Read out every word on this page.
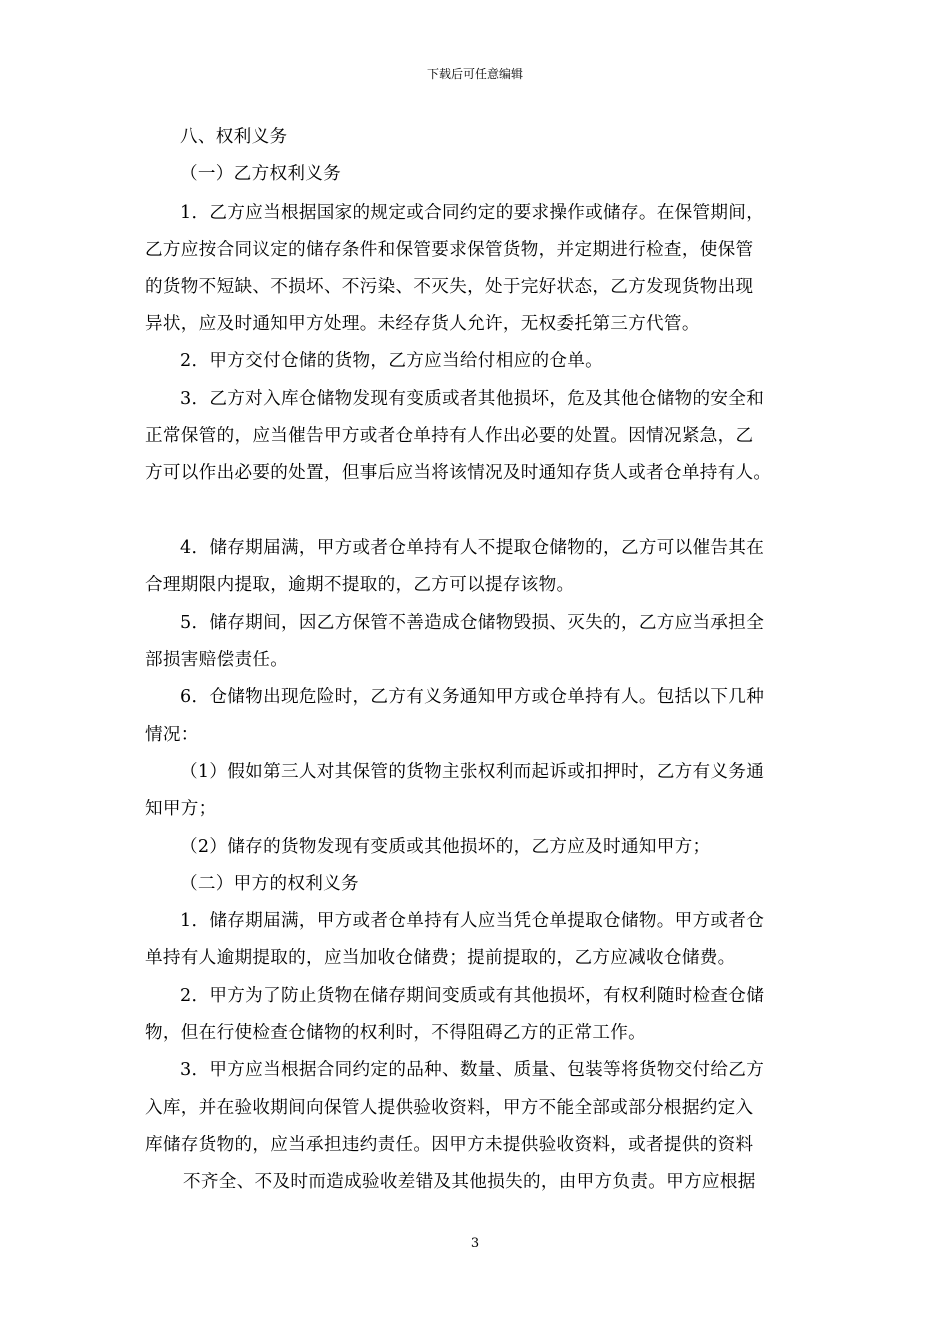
下载后可任意编辑
八、权利义务
（一）乙方权利义务
1．乙方应当根据国家的规定或合同约定的要求操作或储存。在保管期间，
乙方应按合同议定的储存条件和保管要求保管货物，并定期进行检查，使保管
的货物不短缺、不损坏、不污染、不灭失，处于完好状态，乙方发现货物出现
异状，应及时通知甲方处理。未经存货人允许，无权委托第三方代管。
2．甲方交付仓储的货物，乙方应当给付相应的仓单。
3．乙方对入库仓储物发现有变质或者其他损坏，危及其他仓储物的安全和
正常保管的，应当催告甲方或者仓单持有人作出必要的处置。因情况紧急，乙
方可以作出必要的处置，但事后应当将该情况及时通知存货人或者仓单持有人。
4．储存期届满，甲方或者仓单持有人不提取仓储物的，乙方可以催告其在
合理期限内提取，逾期不提取的，乙方可以提存该物。
5．储存期间，因乙方保管不善造成仓储物毁损、灭失的，乙方应当承担全
部损害赔偿责任。
6．仓储物出现危险时，乙方有义务通知甲方或仓单持有人。包括以下几种
情况：
（1）假如第三人对其保管的货物主张权利而起诉或扣押时，乙方有义务通
知甲方；
（2）储存的货物发现有变质或其他损坏的，乙方应及时通知甲方；
（二）甲方的权利义务
1．储存期届满，甲方或者仓单持有人应当凭仓单提取仓储物。甲方或者仓
单持有人逾期提取的，应当加收仓储费；提前提取的，乙方应减收仓储费。
2．甲方为了防止货物在储存期间变质或有其他损坏，有权利随时检查仓储
物，但在行使检查仓储物的权利时，不得阻碍乙方的正常工作。
3．甲方应当根据合同约定的品种、数量、质量、包装等将货物交付给乙方
入库，并在验收期间向保管人提供验收资料，甲方不能全部或部分根据约定入
库储存货物的，应当承担违约责任。因甲方未提供验收资料，或者提供的资料
不齐全、不及时而造成验收差错及其他损失的，由甲方负责。甲方应根据
3
